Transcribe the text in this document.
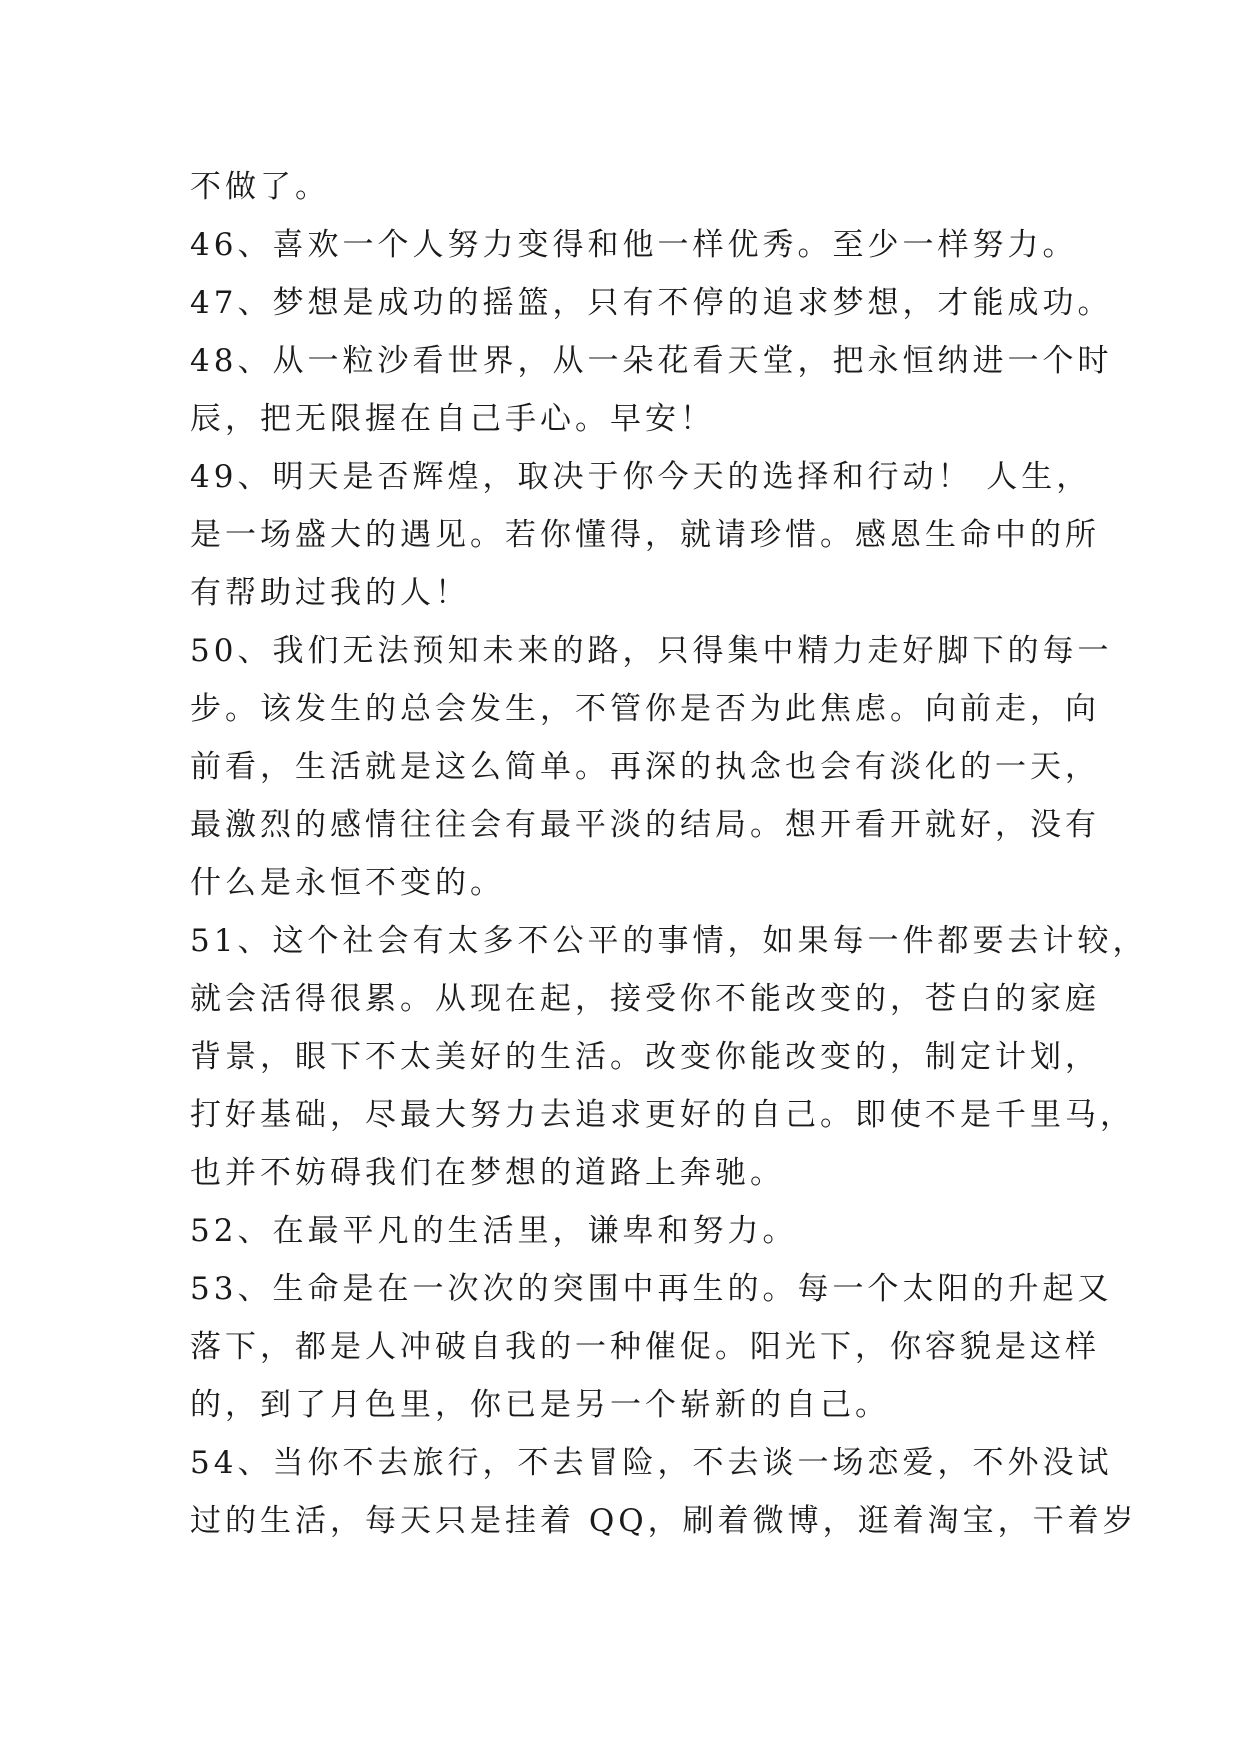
不做了。
46、喜欢一个人努力变得和他一样优秀。至少一样努力。
47、梦想是成功的摇篮，只有不停的追求梦想，才能成功。
48、从一粒沙看世界，从一朵花看天堂，把永恒纳进一个时
辰，把无限握在自己手心。早安！
49、明天是否辉煌，取决于你今天的选择和行动！ 人生，
是一场盛大的遇见。若你懂得，就请珍惜。感恩生命中的所
有帮助过我的人！
50、我们无法预知未来的路，只得集中精力走好脚下的每一
步。该发生的总会发生，不管你是否为此焦虑。向前走，向
前看，生活就是这么简单。再深的执念也会有淡化的一天，
最激烈的感情往往会有最平淡的结局。想开看开就好，没有
什么是永恒不变的。
51、这个社会有太多不公平的事情，如果每一件都要去计较，
就会活得很累。从现在起，接受你不能改变的，苍白的家庭
背景，眼下不太美好的生活。改变你能改变的，制定计划，
打好基础，尽最大努力去追求更好的自己。即使不是千里马，
也并不妨碍我们在梦想的道路上奔驰。
52、在最平凡的生活里，谦卑和努力。
53、生命是在一次次的突围中再生的。每一个太阳的升起又
落下，都是人冲破自我的一种催促。阳光下，你容貌是这样
的，到了月色里，你已是另一个崭新的自己。
54、当你不去旅行，不去冒险，不去谈一场恋爱，不外没试
过的生活，每天只是挂着 QQ，刷着微博，逛着淘宝，干着岁
